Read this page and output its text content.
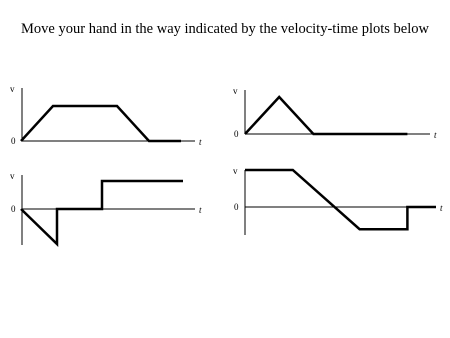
Move your hand in the way indicated by the velocity-time plots below
v
0	t
v
0	t
v
0	t
v
0	t
